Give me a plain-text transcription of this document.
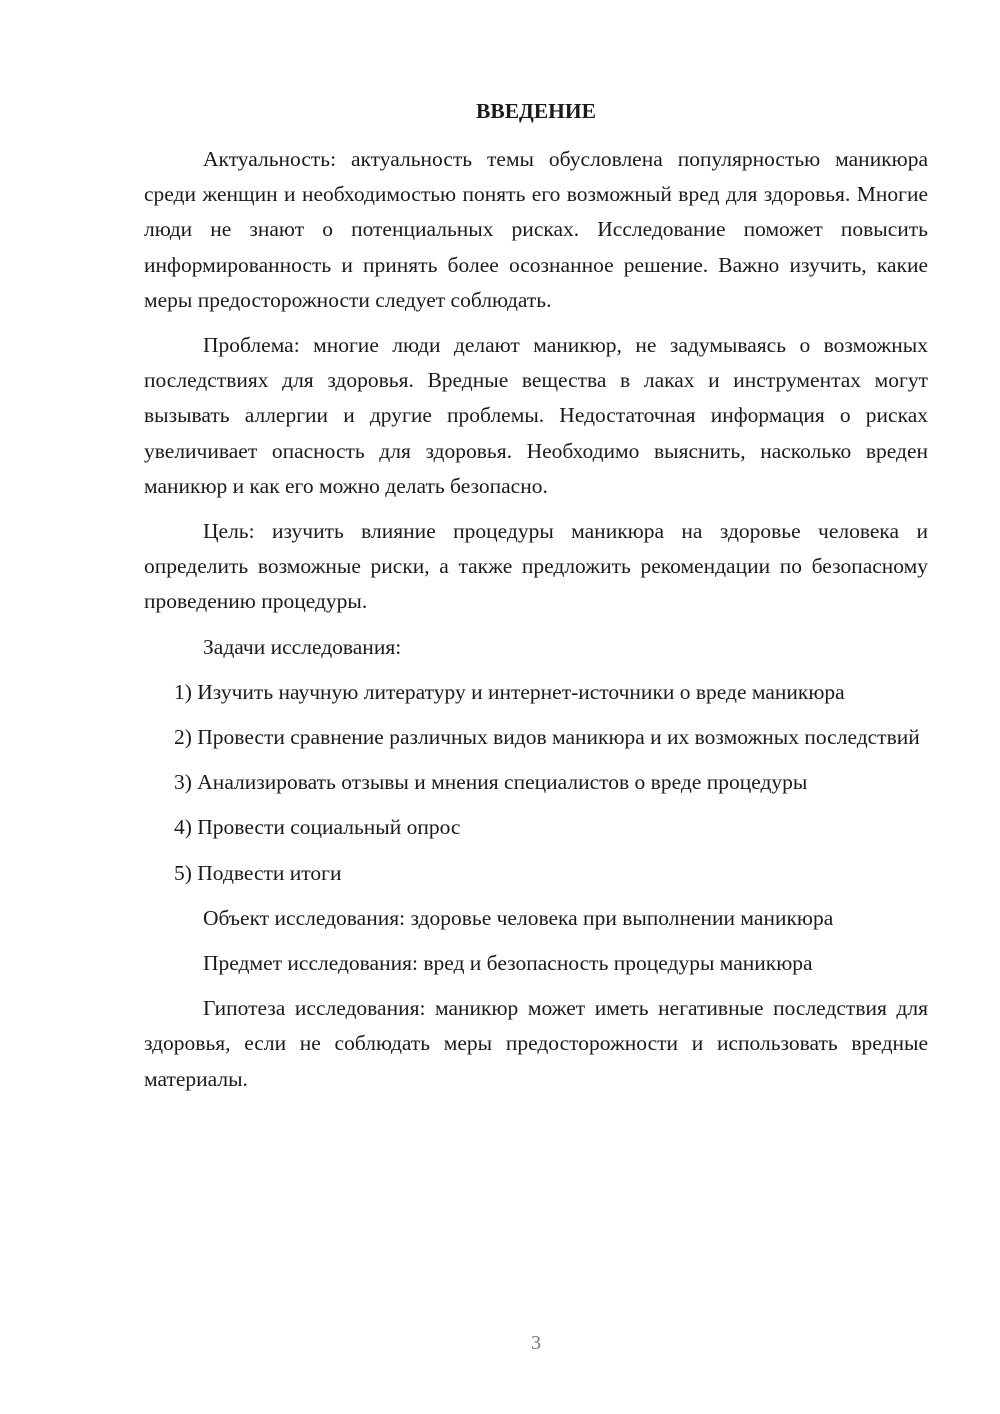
ВВЕДЕНИЕ

Актуальность: актуальность темы обусловлена популярностью маникюра среди женщин и необходимостью понять его возможный вред для здоровья. Многие люди не знают о потенциальных рисках. Исследование поможет повысить информированность и принять более осознанное решение. Важно изучить, какие меры предосторожности следует соблюдать.

Проблема: многие люди делают маникюр, не задумываясь о возможных последствиях для здоровья. Вредные вещества в лаках и инструментах могут вызывать аллергии и другие проблемы. Недостаточная информация о рисках увеличивает опасность для здоровья. Необходимо выяснить, насколько вреден маникюр и как его можно делать безопасно.

Цель: изучить влияние процедуры маникюра на здоровье человека и определить возможные риски, а также предложить рекомендации по безопасному проведению процедуры.

Задачи исследования:

1) Изучить научную литературу и интернет-источники о вреде маникюра

2) Провести сравнение различных видов маникюра и их возможных последствий

3) Анализировать отзывы и мнения специалистов о вреде процедуры

4) Провести социальный опрос

5) Подвести итоги

Объект исследования: здоровье человека при выполнении маникюра

Предмет исследования: вред и безопасность процедуры маникюра

Гипотеза исследования: маникюр может иметь негативные последствия для здоровья, если не соблюдать меры предосторожности и использовать вредные материалы.

3
